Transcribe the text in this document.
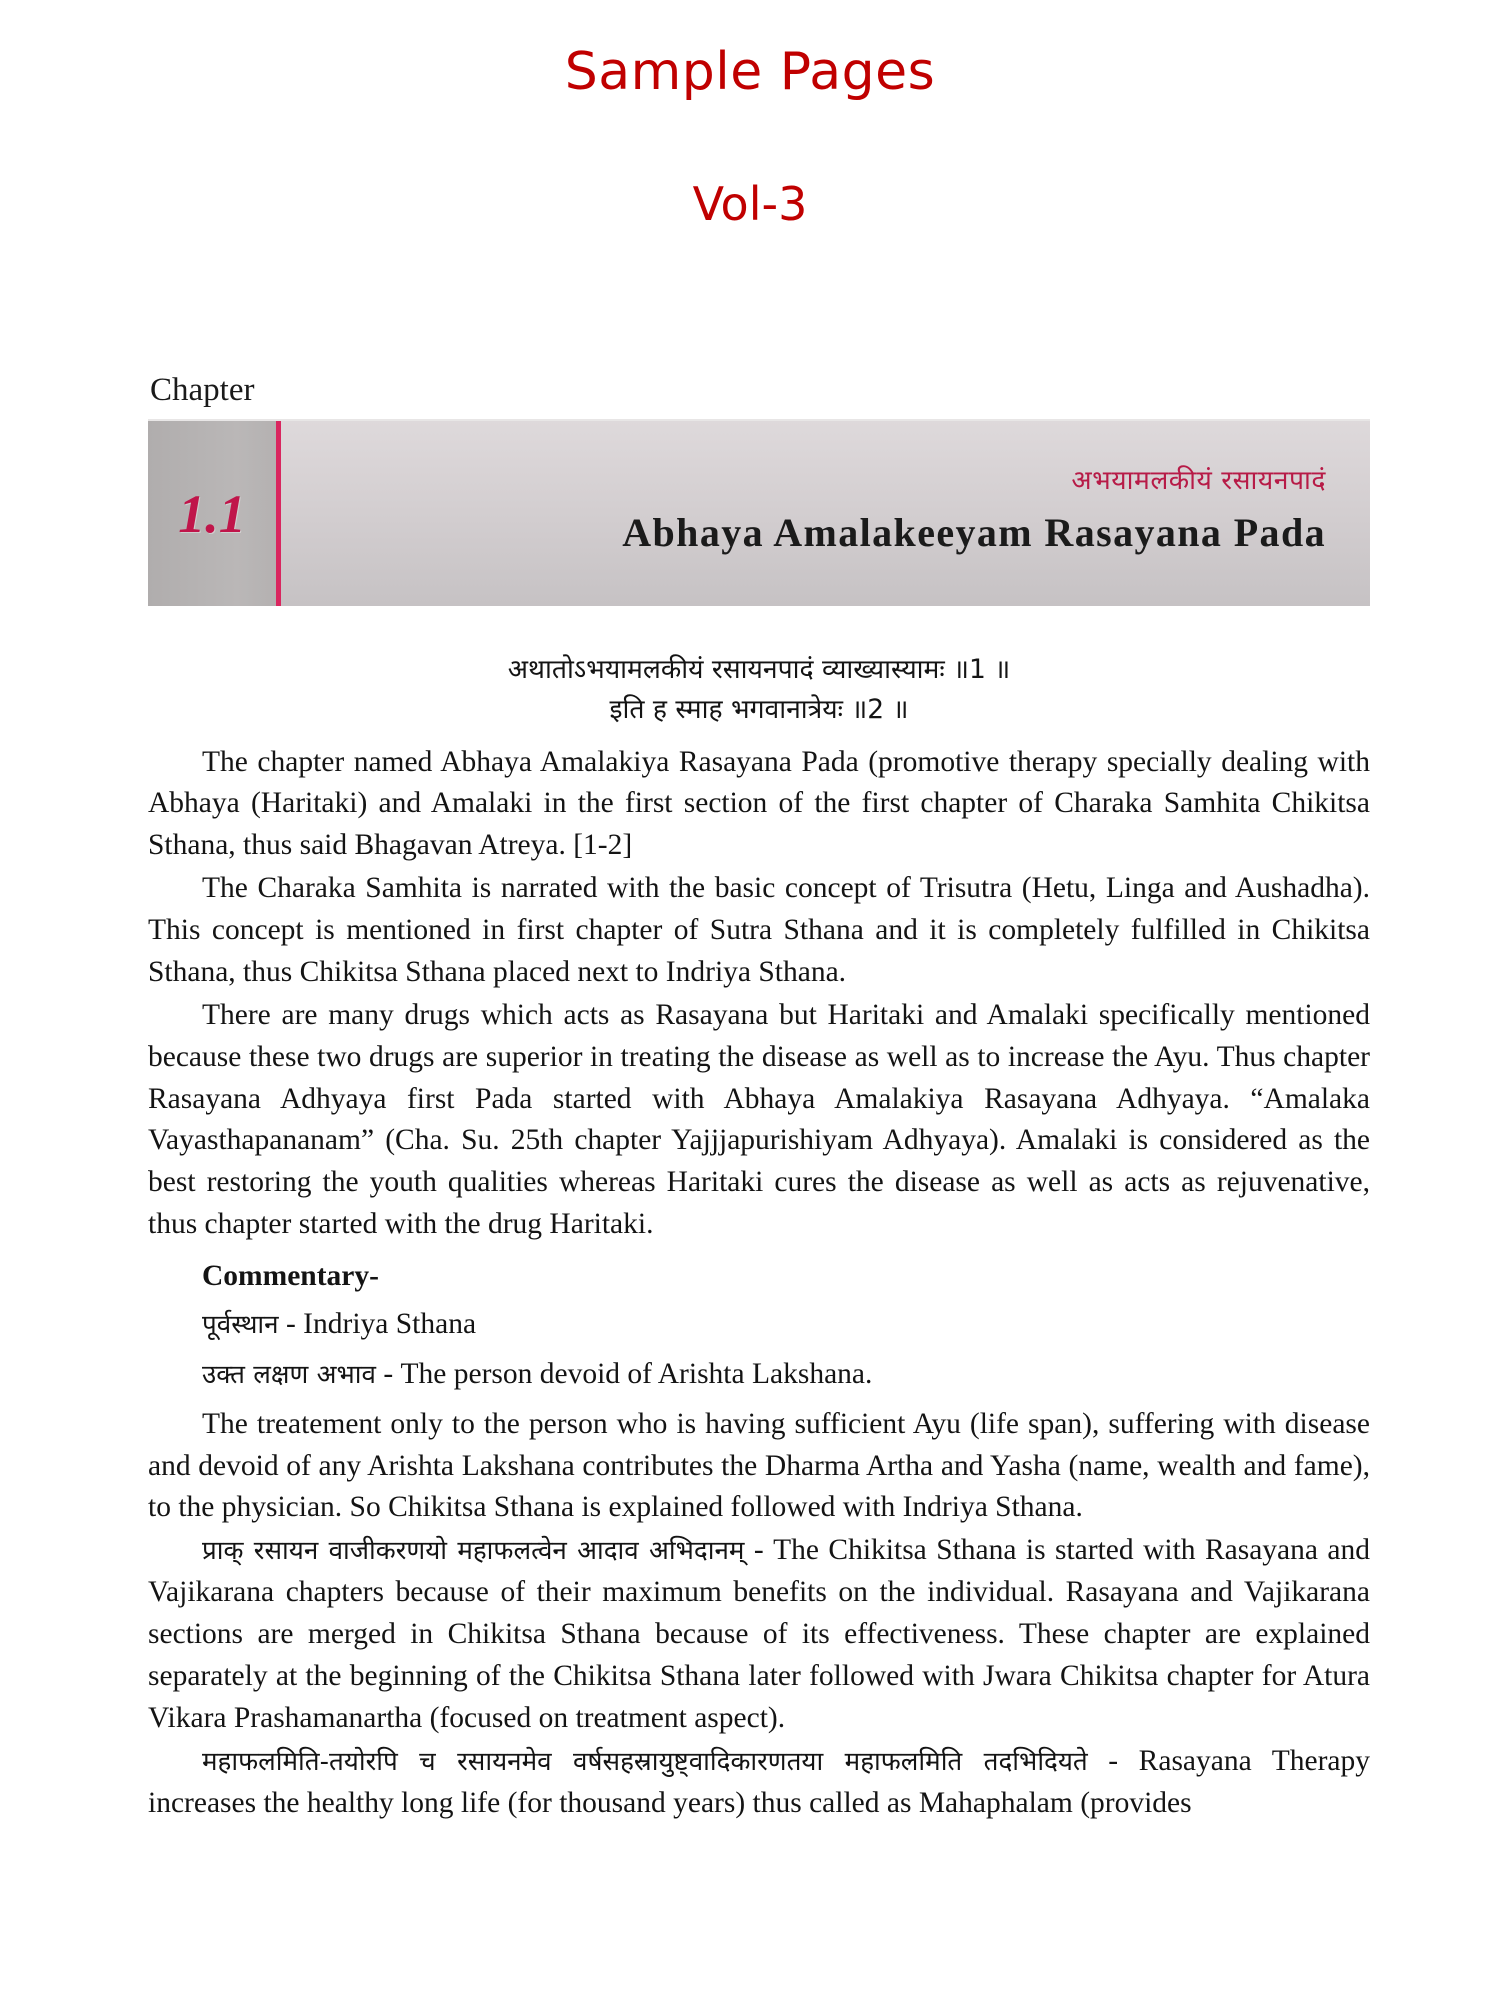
Sample Pages
Vol-3
Chapter
1.1
अभयामलकीयं रसायनपादं
Abhaya Amalakeeyam Rasayana Pada
अथातोऽभयामलकीयं रसायनपादं व्याख्यास्यामः ॥1 ॥
इति ह स्माह भगवानात्रेयः ॥2 ॥

The chapter named Abhaya Amalakiya Rasayana Pada (promotive therapy specially dealing with Abhaya (Haritaki) and Amalaki in the first section of the first chapter of Charaka Samhita Chikitsa Sthana, thus said Bhagavan Atreya. [1-2]

The Charaka Samhita is narrated with the basic concept of Trisutra (Hetu, Linga and Aushadha). This concept is mentioned in first chapter of Sutra Sthana and it is completely fulfilled in Chikitsa Sthana, thus Chikitsa Sthana placed next to Indriya Sthana.

There are many drugs which acts as Rasayana but Haritaki and Amalaki specifically mentioned because these two drugs are superior in treating the disease as well as to increase the Ayu. Thus chapter Rasayana Adhyaya first Pada started with Abhaya Amalakiya Rasayana Adhyaya. “Amalaka Vayasthapananam” (Cha. Su. 25th chapter Yajjjapurishiyam Adhyaya). Amalaki is considered as the best restoring the youth qualities whereas Haritaki cures the disease as well as acts as rejuvenative, thus chapter started with the drug Haritaki.

Commentary-
पूर्वस्थान - Indriya Sthana
उक्त लक्षण अभाव - The person devoid of Arishta Lakshana.

The treatement only to the person who is having sufficient Ayu (life span), suffering with disease and devoid of any Arishta Lakshana contributes the Dharma Artha and Yasha (name, wealth and fame), to the physician. So Chikitsa Sthana is explained followed with Indriya Sthana.

प्राक् रसायन वाजीकरणयो महाफलत्वेन आदाव अभिदानम् - The Chikitsa Sthana is started with Rasayana and Vajikarana chapters because of their maximum benefits on the individual. Rasayana and Vajikarana sections are merged in Chikitsa Sthana because of its effectiveness. These chapter are explained separately at the beginning of the Chikitsa Sthana later followed with Jwara Chikitsa chapter for Atura Vikara Prashamanartha (focused on treatment aspect).

महाफलमिति-तयोरपि च रसायनमेव वर्षसहस्रायुष्ट्वादिकारणतया महाफलमिति तदभिदियते - Rasayana Therapy increases the healthy long life (for thousand years) thus called as Mahaphalam (provides
